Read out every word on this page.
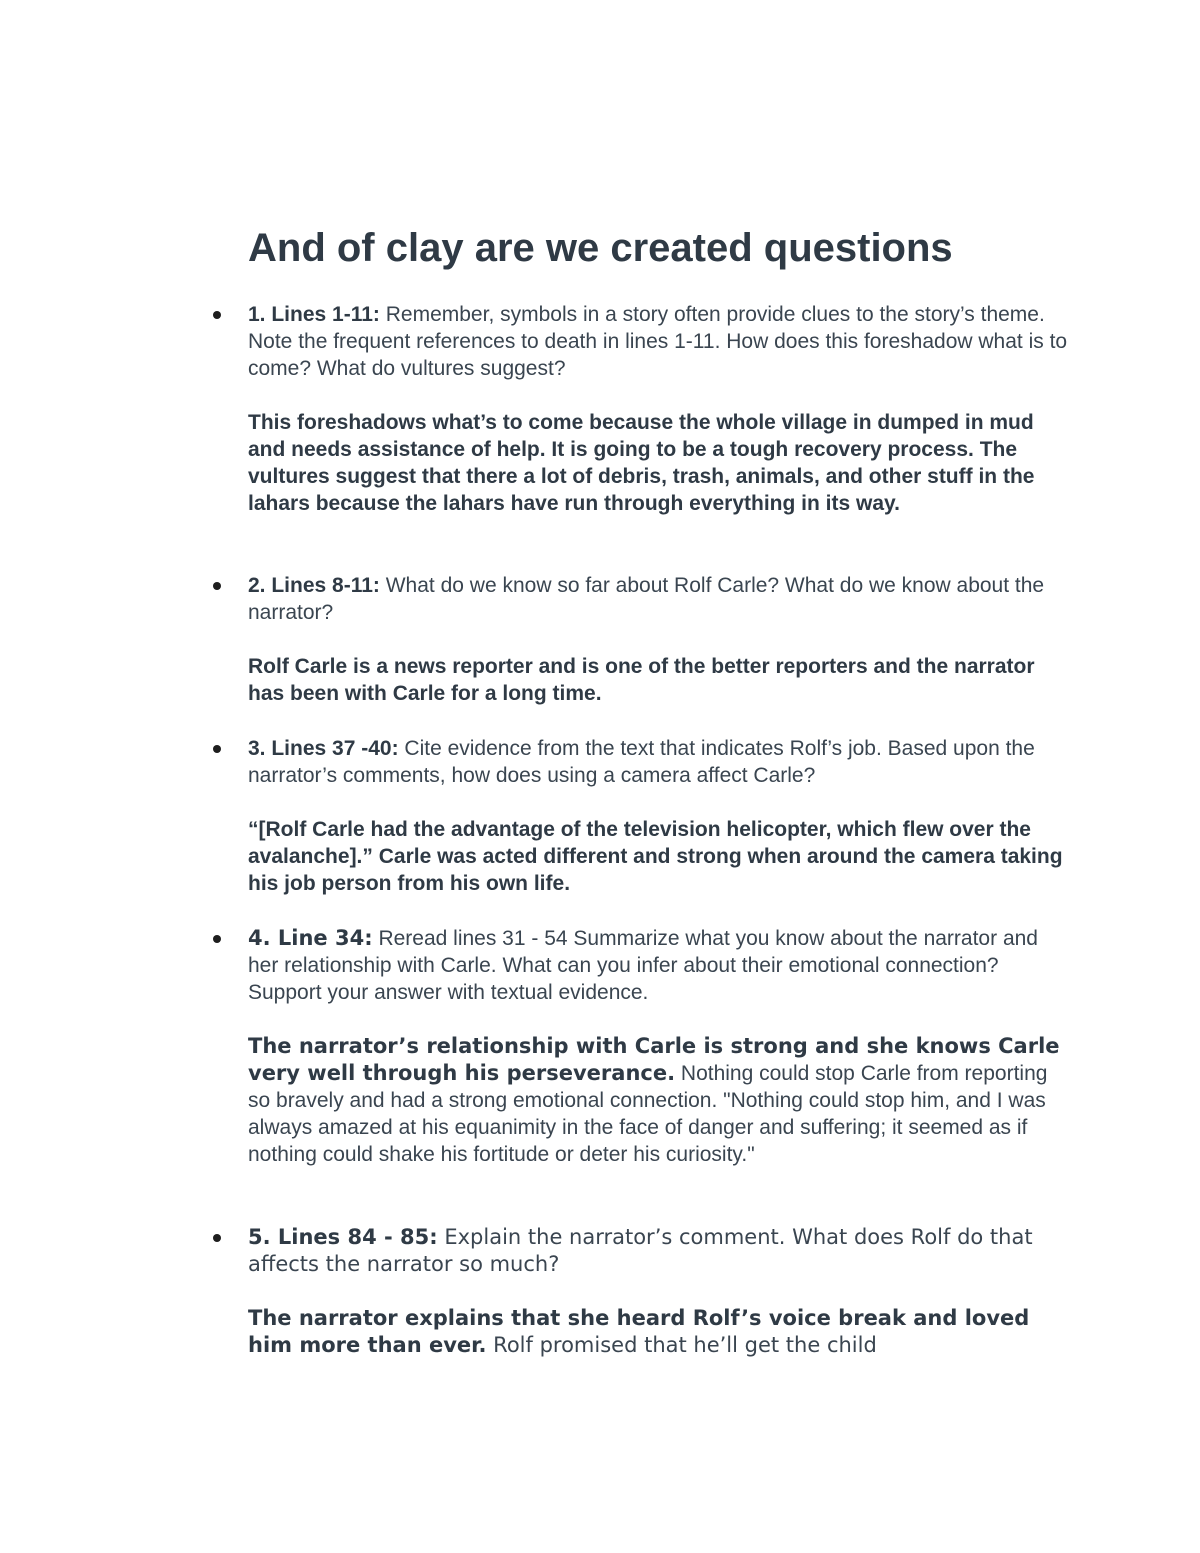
And of clay are we created questions

1. Lines 1-11: Remember, symbols in a story often provide clues to the story’s theme. Note the frequent references to death in lines 1-11. How does this foreshadow what is to come? What do vultures suggest?

This foreshadows what’s to come because the whole village in dumped in mud and needs assistance of help. It is going to be a tough recovery process. The vultures suggest that there a lot of debris, trash, animals, and other stuff in the lahars because the lahars have run through everything in its way.

2. Lines 8-11: What do we know so far about Rolf Carle? What do we know about the narrator?

Rolf Carle is a news reporter and is one of the better reporters and the narrator has been with Carle for a long time.

3. Lines 37 -40: Cite evidence from the text that indicates Rolf’s job. Based upon the narrator’s comments, how does using a camera affect Carle?

“[Rolf Carle had the advantage of the television helicopter, which flew over the avalanche].” Carle was acted different and strong when around the camera taking his job person from his own life.

4. Line 34: Reread lines 31 - 54 Summarize what you know about the narrator and her relationship with Carle. What can you infer about their emotional connection? Support your answer with textual evidence.

The narrator’s relationship with Carle is strong and she knows Carle very well through his perseverance. Nothing could stop Carle from reporting so bravely and had a strong emotional connection. "Nothing could stop him, and I was always amazed at his equanimity in the face of danger and suffering; it seemed as if nothing could shake his fortitude or deter his curiosity."

5. Lines 84 - 85: Explain the narrator’s comment. What does Rolf do that affects the narrator so much?

The narrator explains that she heard Rolf’s voice break and loved him more than ever. Rolf promised that he’ll get the child
